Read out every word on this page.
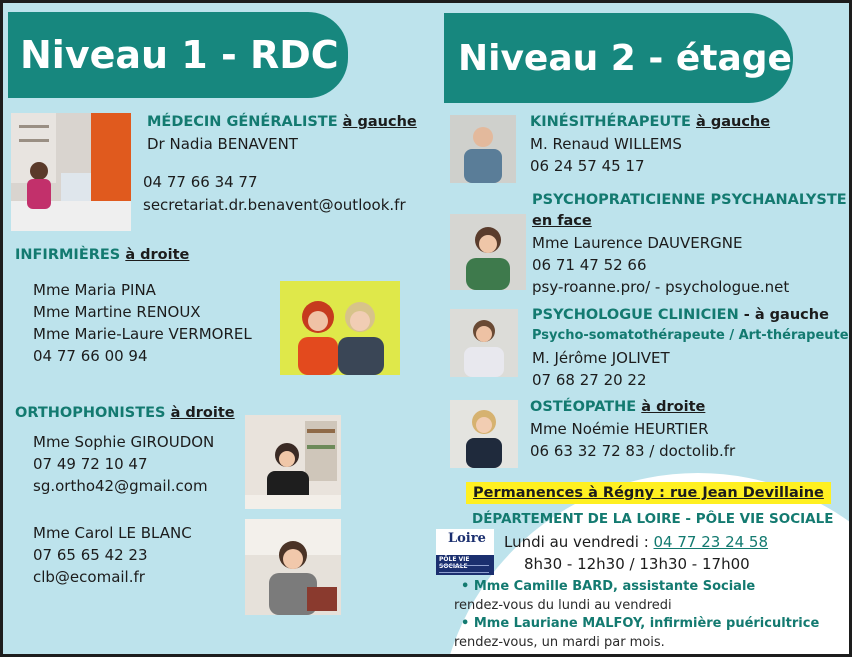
Niveau 1 - RDC	Niveau 2 - étage
MÉDECIN GÉNÉRALISTE à gauche
Dr Nadia BENAVENT
04 77 66 34 77
secretariat.dr.benavent@outlook.fr
INFIRMIÈRES à droite
Mme Maria PINA
Mme Martine RENOUX
Mme Marie-Laure VERMOREL
04 77 66 00 94
ORTHOPHONISTES à droite
Mme Sophie GIROUDON
07 49 72 10 47
sg.ortho42@gmail.com
Mme Carol LE BLANC
07 65 65 42 23
clb@ecomail.fr
KINÉSITHÉRAPEUTE à gauche
M. Renaud WILLEMS
06 24 57 45 17
PSYCHOPRATICIENNE PSYCHANALYSTE
en face
Mme Laurence DAUVERGNE
06 71 47 52 66
psy-roanne.pro/ - psychologue.net
PSYCHOLOGUE CLINICIEN - à gauche
Psycho-somatothérapeute / Art-thérapeute
M. Jérôme JOLIVET
07 68 27 20 22
OSTÉOPATHE à droite
Mme Noémie HEURTIER
06 63 32 72 83 / doctolib.fr
Permanences à Régny : rue Jean Devillaine
DÉPARTEMENT DE LA LOIRE - PÔLE VIE SOCIALE
Loire
PÔLE VIE SOCIALE
Lundi au vendredi : 04 77 23 24 58
8h30 - 12h30 / 13h30 - 17h00
• Mme Camille BARD, assistante Sociale
rendez-vous du lundi au vendredi
• Mme Lauriane MALFOY, infirmière puéricultrice
rendez-vous, un mardi par mois.
